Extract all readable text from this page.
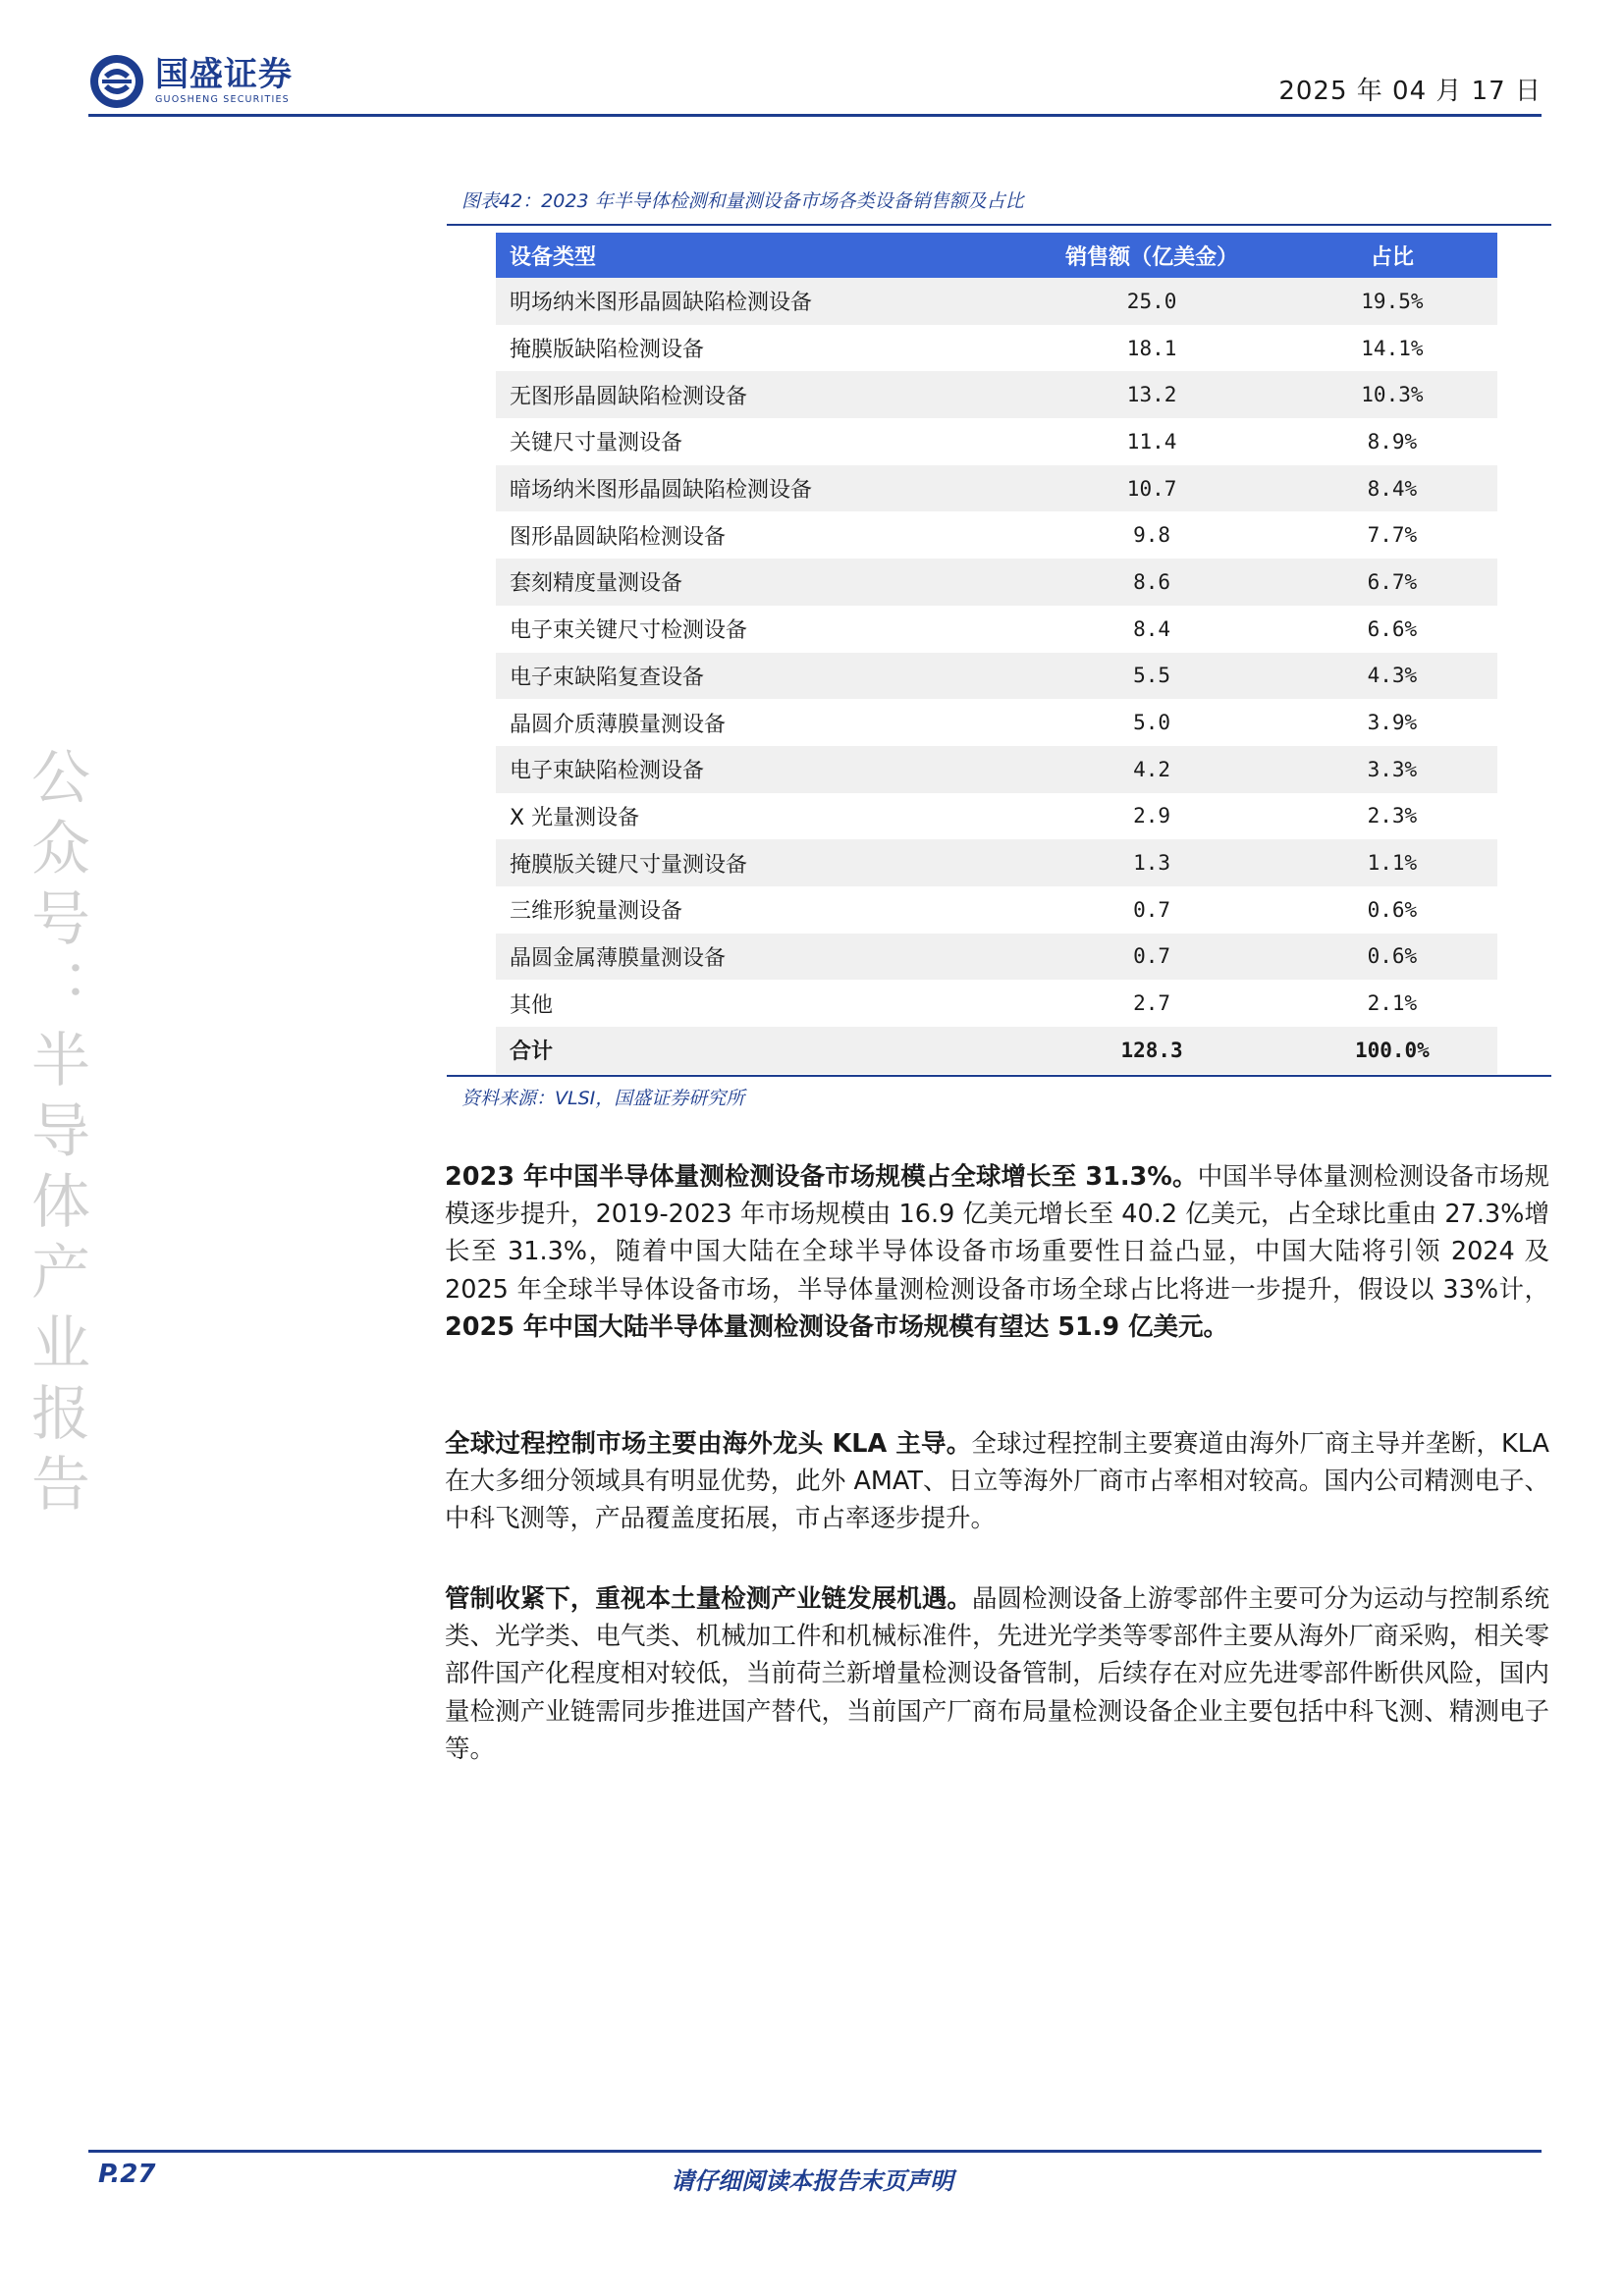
国盛证券
GUOSHENG SECURITIES	2025 年 04 月 17 日
公众号：半导体产业报告
图表42：2023 年半导体检测和量测设备市场各类设备销售额及占比
设备类型	销售额（亿美金）	占比
明场纳米图形晶圆缺陷检测设备	25.0	19.5%
掩膜版缺陷检测设备	18.1	14.1%
无图形晶圆缺陷检测设备	13.2	10.3%
关键尺寸量测设备	11.4	8.9%
暗场纳米图形晶圆缺陷检测设备	10.7	8.4%
图形晶圆缺陷检测设备	9.8	7.7%
套刻精度量测设备	8.6	6.7%
电子束关键尺寸检测设备	8.4	6.6%
电子束缺陷复查设备	5.5	4.3%
晶圆介质薄膜量测设备	5.0	3.9%
电子束缺陷检测设备	4.2	3.3%
X 光量测设备	2.9	2.3%
掩膜版关键尺寸量测设备	1.3	1.1%
三维形貌量测设备	0.7	0.6%
晶圆金属薄膜量测设备	0.7	0.6%
其他	2.7	2.1%
合计	128.3	100.0%
资料来源：VLSI，国盛证券研究所
2023 年中国半导体量测检测设备市场规模占全球增长至 31.3%。中国半导体量测检测设备市场规模逐步提升，2019-2023 年市场规模由 16.9 亿美元增长至 40.2 亿美元，占全球比重由 27.3%增长至 31.3%，随着中国大陆在全球半导体设备市场重要性日益凸显，中国大陆将引领 2024 及 2025 年全球半导体设备市场，半导体量测检测设备市场全球占比将进一步提升，假设以 33%计，2025 年中国大陆半导体量测检测设备市场规模有望达 51.9 亿美元。
全球过程控制市场主要由海外龙头 KLA 主导。全球过程控制主要赛道由海外厂商主导并垄断，KLA 在大多细分领域具有明显优势，此外 AMAT、日立等海外厂商市占率相对较高。国内公司精测电子、中科飞测等，产品覆盖度拓展，市占率逐步提升。
管制收紧下，重视本土量检测产业链发展机遇。晶圆检测设备上游零部件主要可分为运动与控制系统类、光学类、电气类、机械加工件和机械标准件，先进光学类等零部件主要从海外厂商采购，相关零部件国产化程度相对较低，当前荷兰新增量检测设备管制，后续存在对应先进零部件断供风险，国内量检测产业链需同步推进国产替代，当前国产厂商布局量检测设备企业主要包括中科飞测、精测电子等。
P.27	请仔细阅读本报告末页声明
